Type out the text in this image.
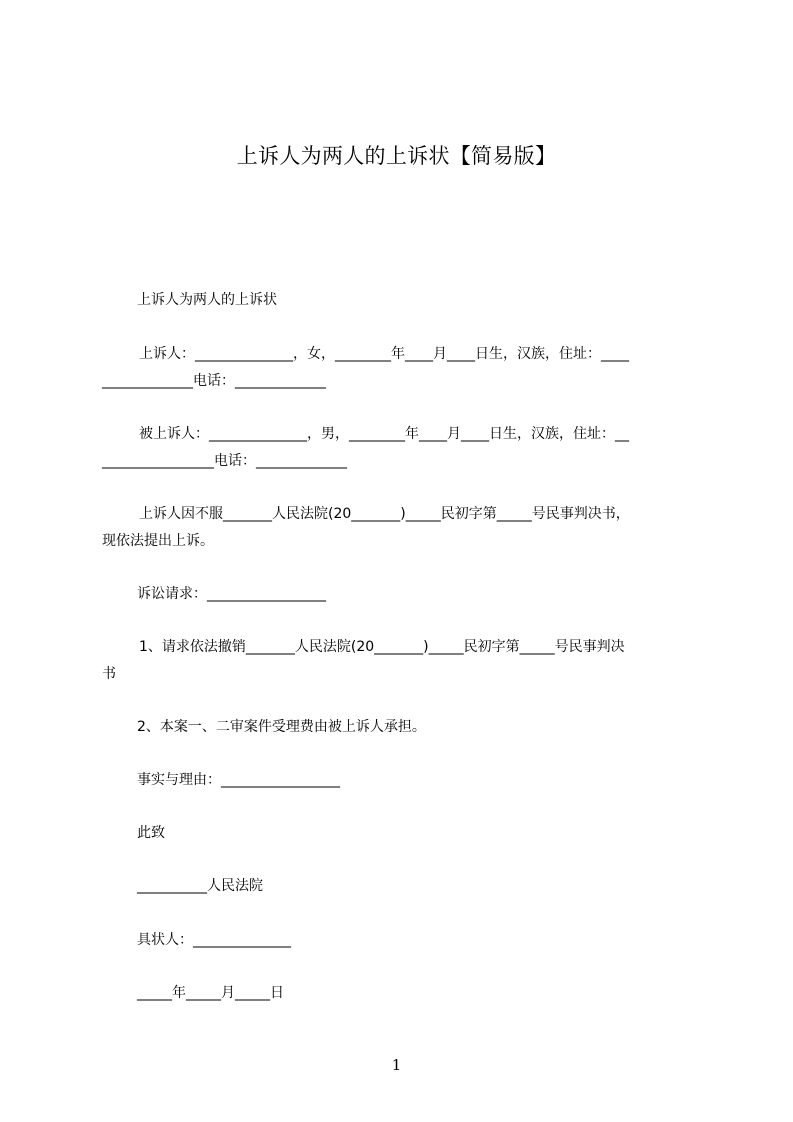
上诉人为两人的上诉状【简易版】
上诉人为两人的上诉状
上诉人：______________，女，________年____月____日生，汉族，住址：____
_____________电话：_____________
被上诉人：______________，男，________年____月____日生，汉族，住址：__
________________电话：_____________
上诉人因不服_______人民法院(20_______)_____民初字第_____号民事判决书，
现依法提出上诉。
诉讼请求：_________________
1、请求依法撤销_______人民法院(20_______)_____民初字第_____号民事判决
书
2、本案一、二审案件受理费由被上诉人承担。
事实与理由：_________________
此致
__________人民法院
具状人：______________
_____年_____月_____日
1
